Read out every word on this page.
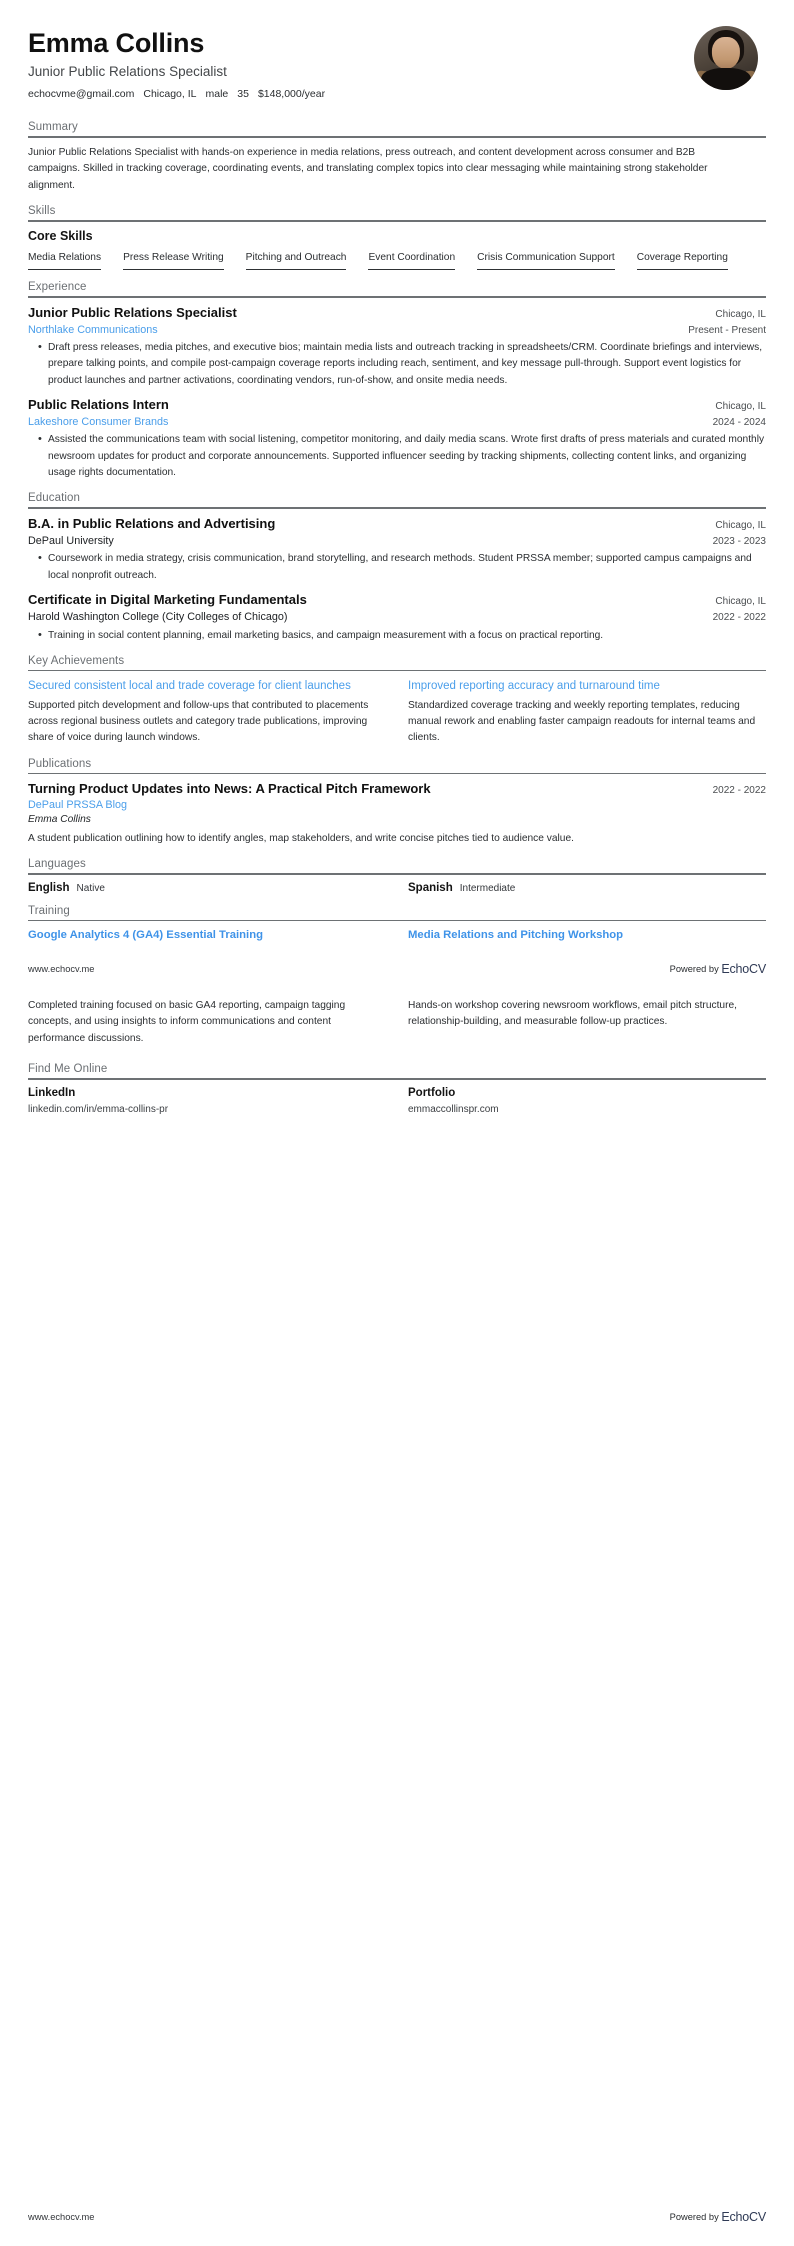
Emma Collins
Junior Public Relations Specialist
echocvme@gmail.com Chicago, IL male 35 $148,000/year
Summary
Junior Public Relations Specialist with hands-on experience in media relations, press outreach, and content development across consumer and B2B campaigns. Skilled in tracking coverage, coordinating events, and translating complex topics into clear messaging while maintaining strong stakeholder alignment.
Skills
Core Skills
Media Relations Press Release Writing Pitching and Outreach Event Coordination Crisis Communication Support Coverage Reporting
Experience
Junior Public Relations Specialist	Chicago, IL
Northlake Communications	Present - Present
• Draft press releases, media pitches, and executive bios; maintain media lists and outreach tracking in spreadsheets/CRM. Coordinate briefings and interviews, prepare talking points, and compile post-campaign coverage reports including reach, sentiment, and key message pull-through. Support event logistics for product launches and partner activations, coordinating vendors, run-of-show, and onsite media needs.
Public Relations Intern	Chicago, IL
Lakeshore Consumer Brands	2024 - 2024
• Assisted the communications team with social listening, competitor monitoring, and daily media scans. Wrote first drafts of press materials and curated monthly newsroom updates for product and corporate announcements. Supported influencer seeding by tracking shipments, collecting content links, and organizing usage rights documentation.
Education
B.A. in Public Relations and Advertising	Chicago, IL
DePaul University	2023 - 2023
• Coursework in media strategy, crisis communication, brand storytelling, and research methods. Student PRSSA member; supported campus campaigns and local nonprofit outreach.
Certificate in Digital Marketing Fundamentals	Chicago, IL
Harold Washington College (City Colleges of Chicago)	2022 - 2022
• Training in social content planning, email marketing basics, and campaign measurement with a focus on practical reporting.
Key Achievements
Secured consistent local and trade coverage for client launches
Supported pitch development and follow-ups that contributed to placements across regional business outlets and category trade publications, improving share of voice during launch windows.
Improved reporting accuracy and turnaround time
Standardized coverage tracking and weekly reporting templates, reducing manual rework and enabling faster campaign readouts for internal teams and clients.
Publications
Turning Product Updates into News: A Practical Pitch Framework	2022 - 2022
DePaul PRSSA Blog
Emma Collins
A student publication outlining how to identify angles, map stakeholders, and write concise pitches tied to audience value.
Languages
English Native	Spanish Intermediate
Training
Google Analytics 4 (GA4) Essential Training	Media Relations and Pitching Workshop
www.echocv.me	Powered by EchoCV
Completed training focused on basic GA4 reporting, campaign tagging concepts, and using insights to inform communications and content performance discussions.
Hands-on workshop covering newsroom workflows, email pitch structure, relationship-building, and measurable follow-up practices.
Find Me Online
LinkedIn
linkedin.com/in/emma-collins-pr
Portfolio
emmaccollinspr.com
www.echocv.me	Powered by EchoCV
